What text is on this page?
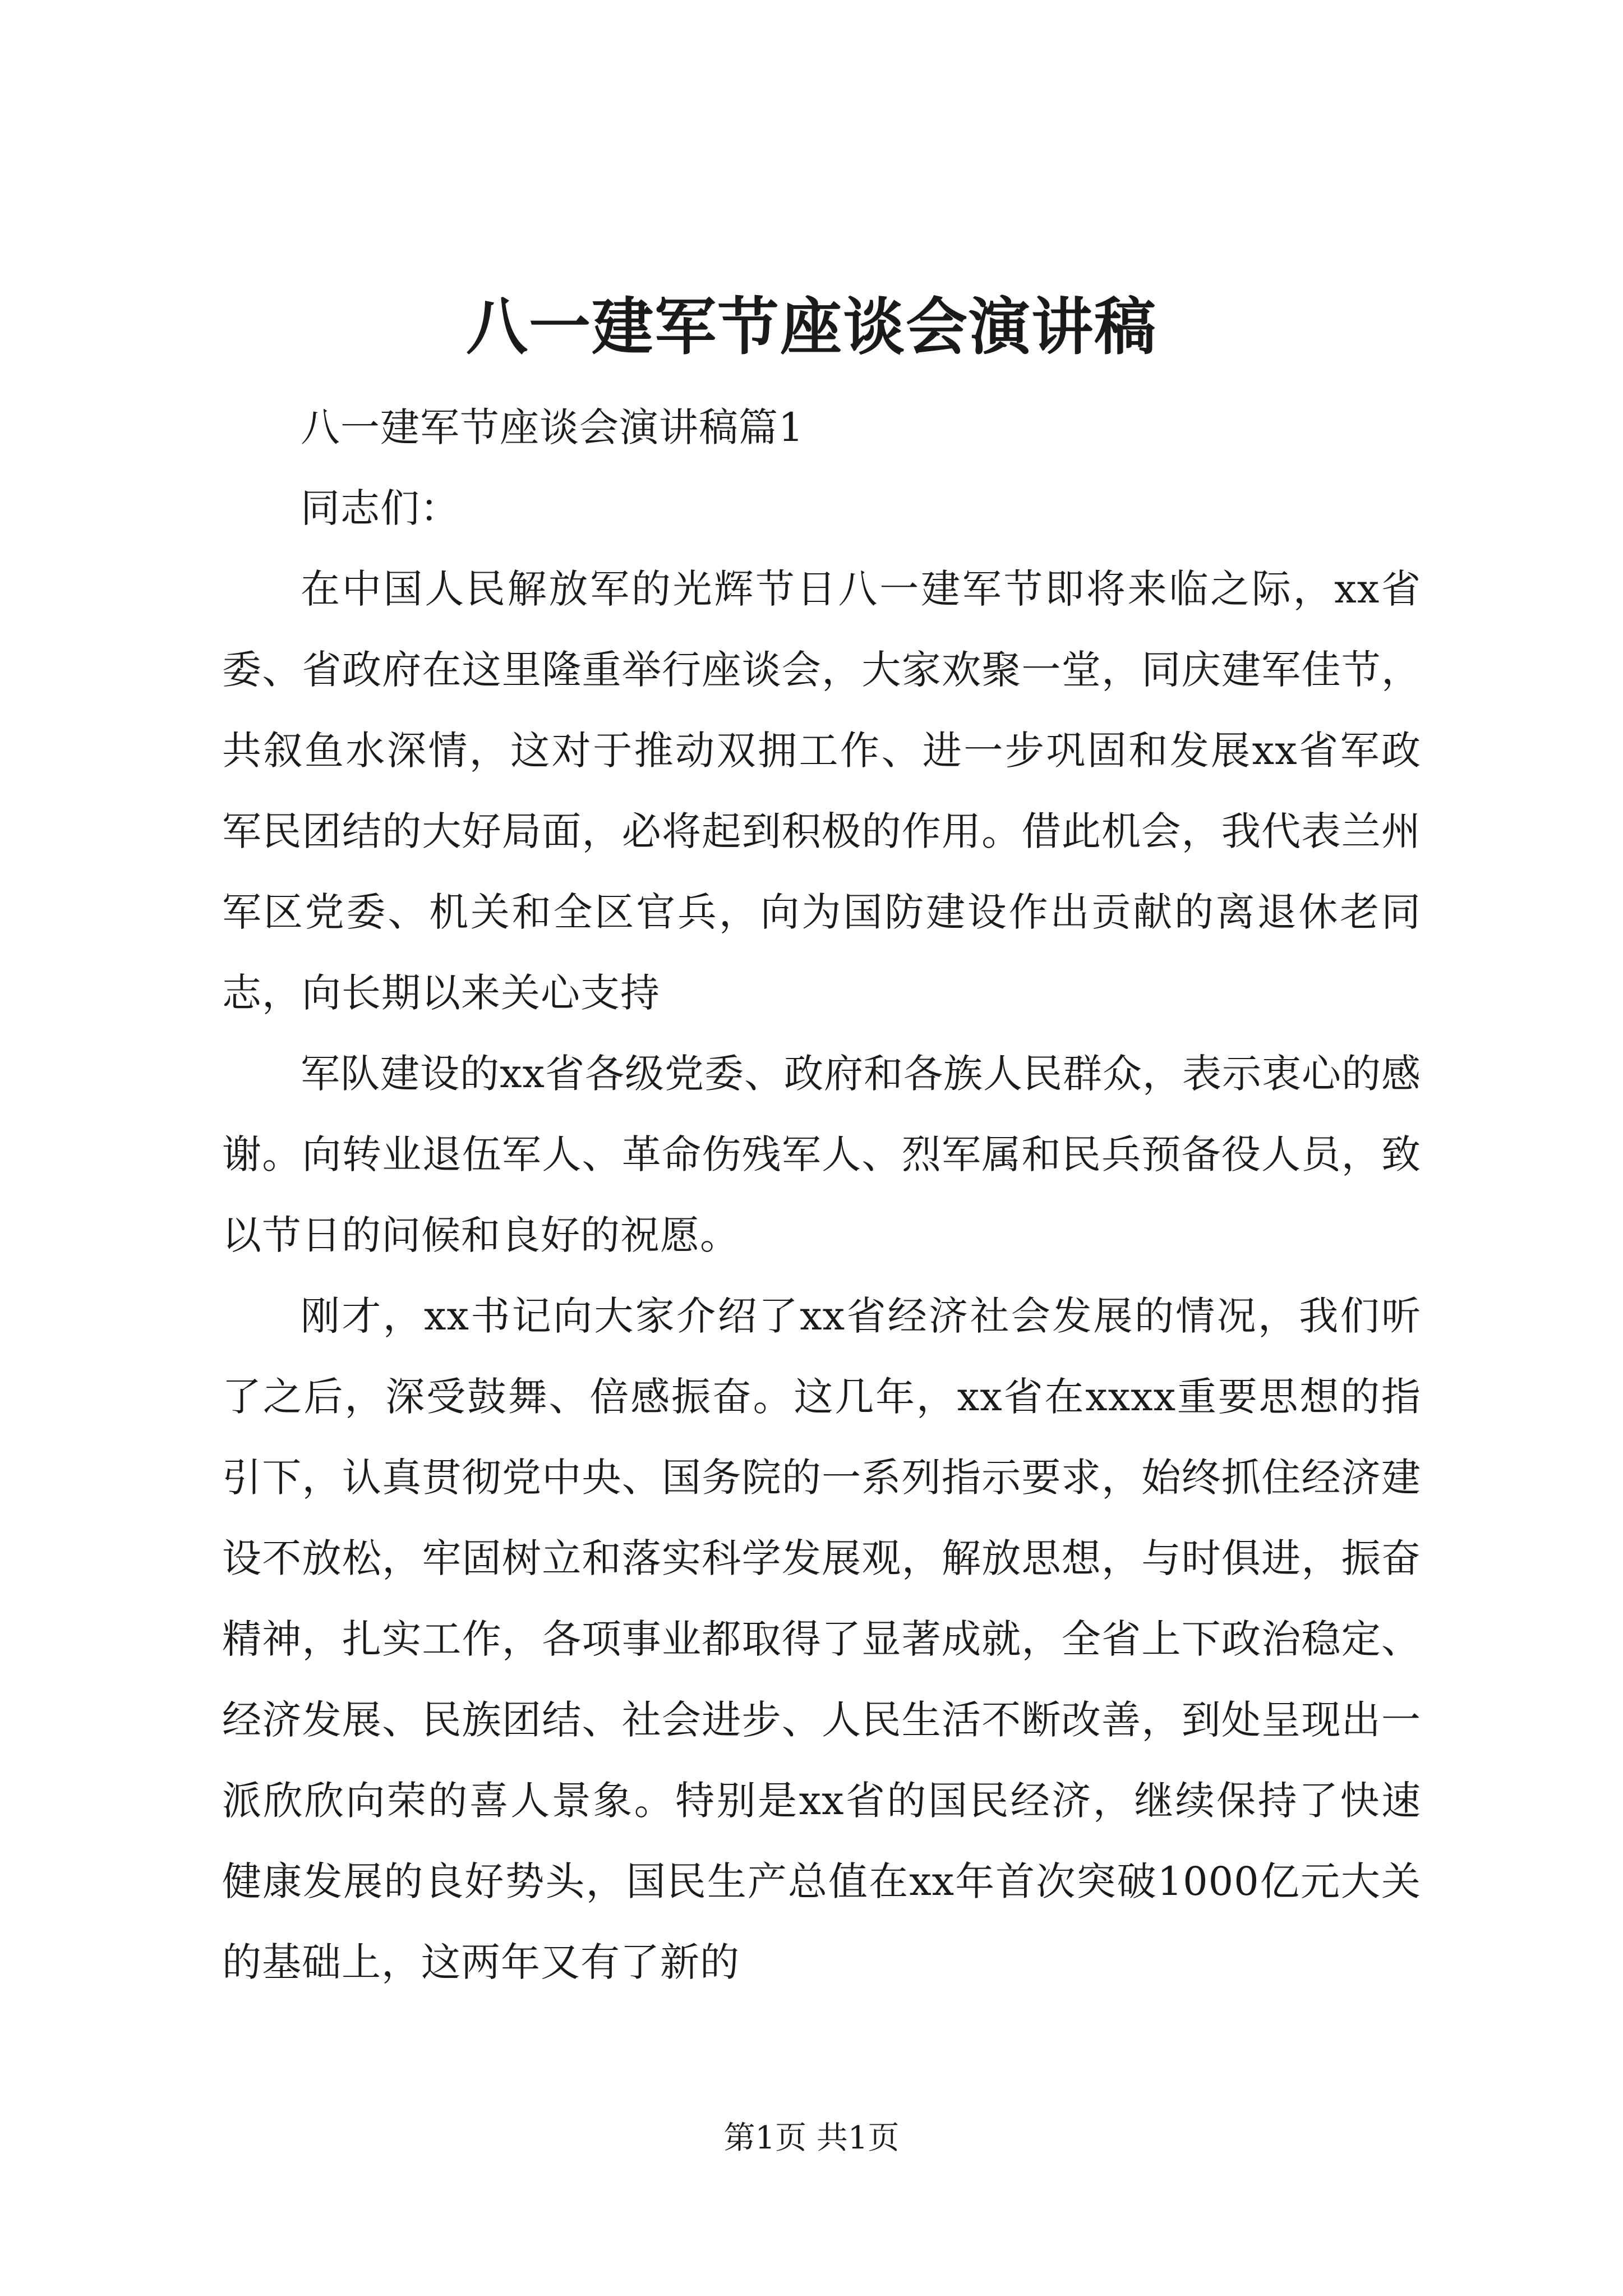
八一建军节座谈会演讲稿

八一建军节座谈会演讲稿篇1

同志们：

在中国人民解放军的光辉节日八一建军节即将来临之际，xx省委、省政府在这里隆重举行座谈会，大家欢聚一堂，同庆建军佳节，共叙鱼水深情，这对于推动双拥工作、进一步巩固和发展xx省军政军民团结的大好局面，必将起到积极的作用。借此机会，我代表兰州军区党委、机关和全区官兵，向为国防建设作出贡献的离退休老同志，向长期以来关心支持

军队建设的xx省各级党委、政府和各族人民群众，表示衷心的感谢。向转业退伍军人、革命伤残军人、烈军属和民兵预备役人员，致以节日的问候和良好的祝愿。

刚才，xx书记向大家介绍了xx省经济社会发展的情况，我们听了之后，深受鼓舞、倍感振奋。这几年，xx省在xxxx重要思想的指引下，认真贯彻党中央、国务院的一系列指示要求，始终抓住经济建设不放松，牢固树立和落实科学发展观，解放思想，与时俱进，振奋精神，扎实工作，各项事业都取得了显著成就，全省上下政治稳定、经济发展、民族团结、社会进步、人民生活不断改善，到处呈现出一派欣欣向荣的喜人景象。特别是xx省的国民经济，继续保持了快速健康发展的良好势头，国民生产总值在xx年首次突破1000亿元大关的基础上，这两年又有了新的

第1页 共1页
